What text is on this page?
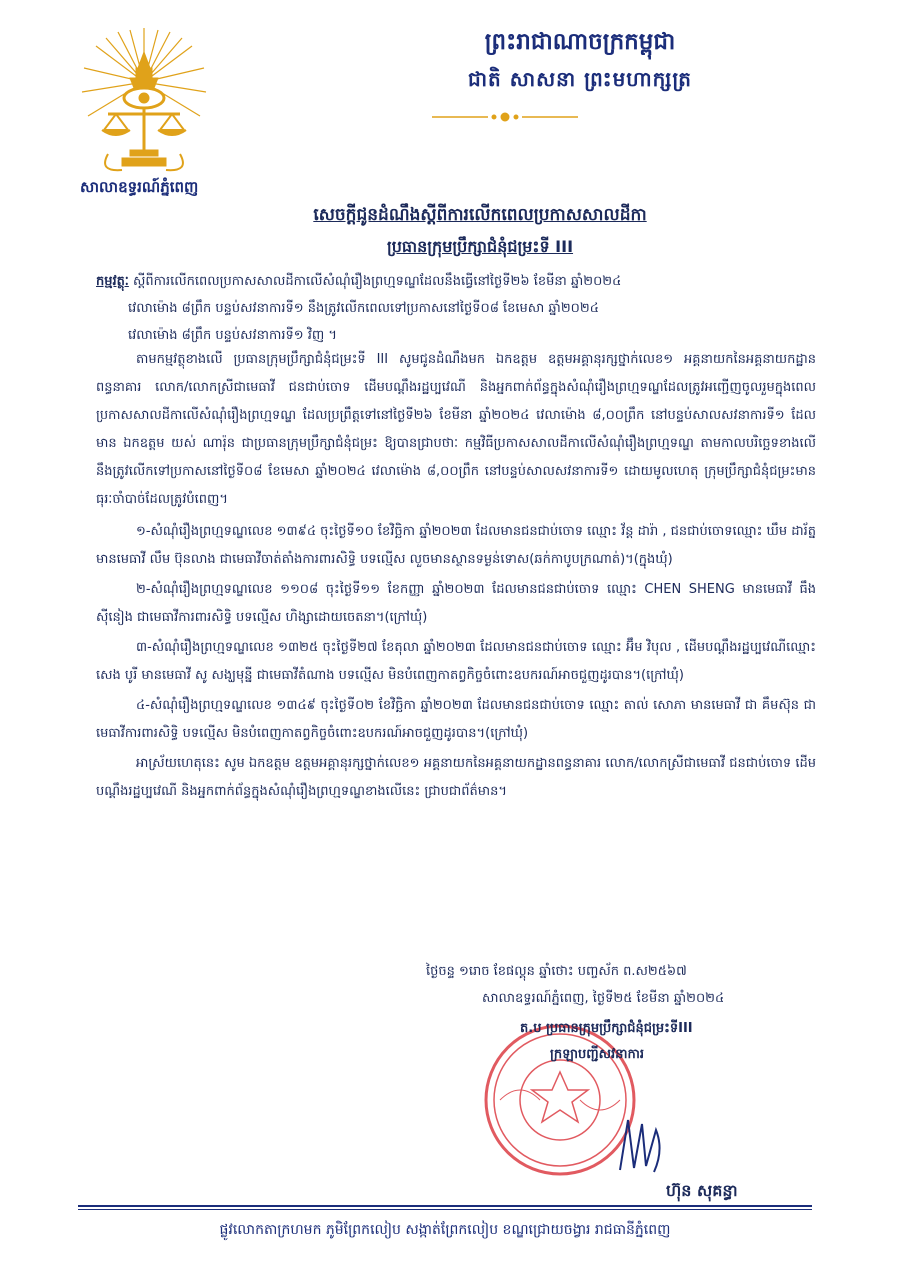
សាលាឧទ្ធរណ៍ភ្នំពេញ
ព្រះរាជាណាចក្រកម្ពុជា
ជាតិ សាសនា ព្រះមហាក្សត្រ
សេចក្តីជូនដំណឹងស្តីពីការលើកពេលប្រកាសសាលដីកា
ប្រធានក្រុមប្រឹក្សាជំនុំជម្រះទី III
កម្មវត្ថុៈ ស្តីពីការលើកពេលប្រកាសសាលដីកាលើសំណុំរឿងព្រហ្មទណ្ឌដែលនឹងធ្វើនៅថ្ងៃទី២៦ ខែមីនា ឆ្នាំ២០២៤
វេលាម៉ោង ៨ព្រឹក បន្ទប់សវនាការទី១ នឹងត្រូវលើកពេលទៅប្រកាសនៅថ្ងៃទី០៨ ខែមេសា ឆ្នាំ២០២៤
វេលាម៉ោង ៨ព្រឹក បន្ទប់សវនាការទី១ វិញ ។

តាមកម្មវត្ថុខាងលើ ប្រធានក្រុមប្រឹក្សាជំនុំជម្រះទី III សូមជូនដំណឹងមក ឯកឧត្តម ឧត្តមអគ្គានុរក្សថ្នាក់លេខ១ អគ្គនាយកនៃអគ្គនាយកដ្ឋានពន្ធនាគារ លោក/លោកស្រីជាមេធាវី ជនជាប់ចោទ ដើមបណ្តឹងរដ្ឋប្បវេណី និងអ្នកពាក់ព័ន្ធក្នុងសំណុំរឿងព្រហ្មទណ្ឌដែលត្រូវអញ្ជើញចូលរួមក្នុងពេលប្រកាសសាលដីកាលើសំណុំរឿងព្រហ្មទណ្ឌ ដែលប្រព្រឹត្តទៅនៅថ្ងៃទី២៦ ខែមីនា ឆ្នាំ២០២៤ វេលាម៉ោង ៨,០០ព្រឹក នៅបន្ទប់សាលសវនាការទី១ ដែលមាន ឯកឧត្តម យស់ ណារ៉ុន ជាប្រធានក្រុមប្រឹក្សាជំនុំជម្រះ ឱ្យបានជ្រាបថាៈ កម្មវិធីប្រកាសសាលដីកាលើសំណុំរឿងព្រហ្មទណ្ឌ តាមកាលបរិច្ឆេទខាងលើ នឹងត្រូវលើកទៅប្រកាសនៅថ្ងៃទី០៨ ខែមេសា ឆ្នាំ២០២៤ វេលាម៉ោង ៨,០០ព្រឹក នៅបន្ទប់សាលសវនាការទី១ ដោយមូលហេតុ ក្រុមប្រឹក្សាជំនុំជម្រះមានធុរៈចាំបាច់ដែលត្រូវបំពេញ។

១-សំណុំរឿងព្រហ្មទណ្ឌលេខ ១៣៩៤ ចុះថ្ងៃទី១០ ខែវិច្ឆិកា ឆ្នាំ២០២៣ ដែលមានជនជាប់ចោទ ឈ្មោះ វ័ន្ត ដារ៉ា , ជនជាប់ចោទឈ្មោះ ឃឹម ដារ័ត្ន មានមេធាវី លឹម ប៊ុនលាង ជាមេធាវីចាត់តាំងការពារសិទ្ធិ បទល្មើស លួចមានស្ថានទម្ងន់ទោស(ឆក់កាបូបក្រណាត់)។(ក្នុងឃុំ)

២-សំណុំរឿងព្រហ្មទណ្ឌលេខ ១១០៨ ចុះថ្ងៃទី១១ ខែកញ្ញា ឆ្នាំ២០២៣ ដែលមានជនជាប់ចោទ ឈ្មោះ CHEN SHENG មានមេធាវី ធឹង ស៊ីនៀង ជាមេធាវីការពារសិទ្ធិ បទល្មើស ហិង្សាដោយចេតនា។(ក្រៅឃុំ)

៣-សំណុំរឿងព្រហ្មទណ្ឌលេខ ១៣២៥ ចុះថ្ងៃទី២៧ ខែតុលា ឆ្នាំ២០២៣ ដែលមានជនជាប់ចោទ ឈ្មោះ អ៊ឹម វិបុល , ដើមបណ្តឹងរដ្ឋប្បវេណីឈ្មោះ សេង បូរី មានមេធាវី សូ សង្ឃមុន្នី ជាមេធាវីតំណាង បទល្មើស មិនបំពេញកាតព្វកិច្ចចំពោះឧបករណ៍អាចជួញដូរបាន។(ក្រៅឃុំ)

៤-សំណុំរឿងព្រហ្មទណ្ឌលេខ ១៣៤៩ ចុះថ្ងៃទី០២ ខែវិច្ឆិកា ឆ្នាំ២០២៣ ដែលមានជនជាប់ចោទ ឈ្មោះ តាល់ សោភា មានមេធាវី ជា គឹមស៊ុន ជាមេធាវីការពារសិទ្ធិ បទល្មើស មិនបំពេញកាតព្វកិច្ចចំពោះឧបករណ៍អាចជួញដូរបាន។(ក្រៅឃុំ)

អាស្រ័យហេតុនេះ សូម ឯកឧត្តម ឧត្តមអគ្គានុរក្សថ្នាក់លេខ១ អគ្គនាយកនៃអគ្គនាយកដ្ឋានពន្ធនាគារ លោក/លោកស្រីជាមេធាវី ជនជាប់ចោទ ដើមបណ្តឹងរដ្ឋប្បវេណី និងអ្នកពាក់ព័ន្ធក្នុងសំណុំរឿងព្រហ្មទណ្ឌខាងលើនេះ ជ្រាបជាព័ត៌មាន។

ថ្ងៃចន្ទ ១រោច ខែផល្គុន ឆ្នាំថោះ បញ្ចស័ក ព.ស២៥៦៧
សាលាឧទ្ធរណ៍ភ្នំពេញ, ថ្ងៃទី២៥ ខែមីនា ឆ្នាំ២០២៤
ត.ប ប្រធានក្រុមប្រឹក្សាជំនុំជម្រះទីIII
ក្រឡាបញ្ជីសវនាការ
ហ៊ុន សុគន្ធា
ផ្លូវលោកតាក្រហមក ភូមិព្រែកលៀប សង្កាត់ព្រែកលៀប ខណ្ឌជ្រោយចង្វារ រាជធានីភ្នំពេញ
